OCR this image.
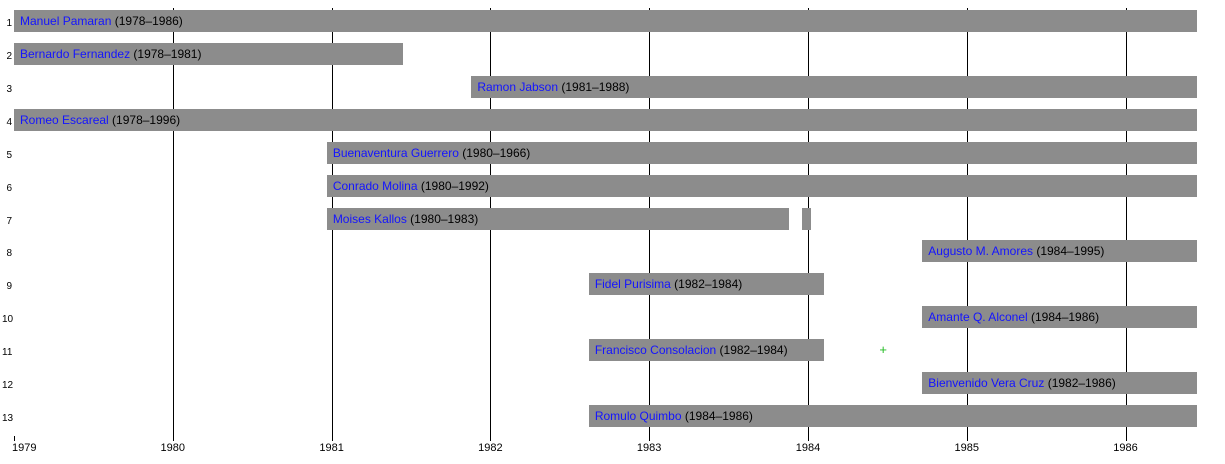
1 Manuel Pamaran (1978–1986)
2 Bernardo Fernandez (1978–1981)
3	Ramon Jabson (1981–1988)
4 Romeo Escareal (1978–1996)
5	Buenaventura Guerrero (1980–1966)
6	Conrado Molina (1980–1992)
7	Moises Kallos (1980–1983)
8	Augusto M. Amores (1984–1995)
9	Fidel Purisima (1982–1984)
10	Amante Q. Alconel (1984–1986)
11	Francisco Consolacion (1982–1984)	+
12	Bienvenido Vera Cruz (1982–1986)
13	Romulo Quimbo (1984–1986)
1979	1980	1981	1982	1983	1984	1985	1986
